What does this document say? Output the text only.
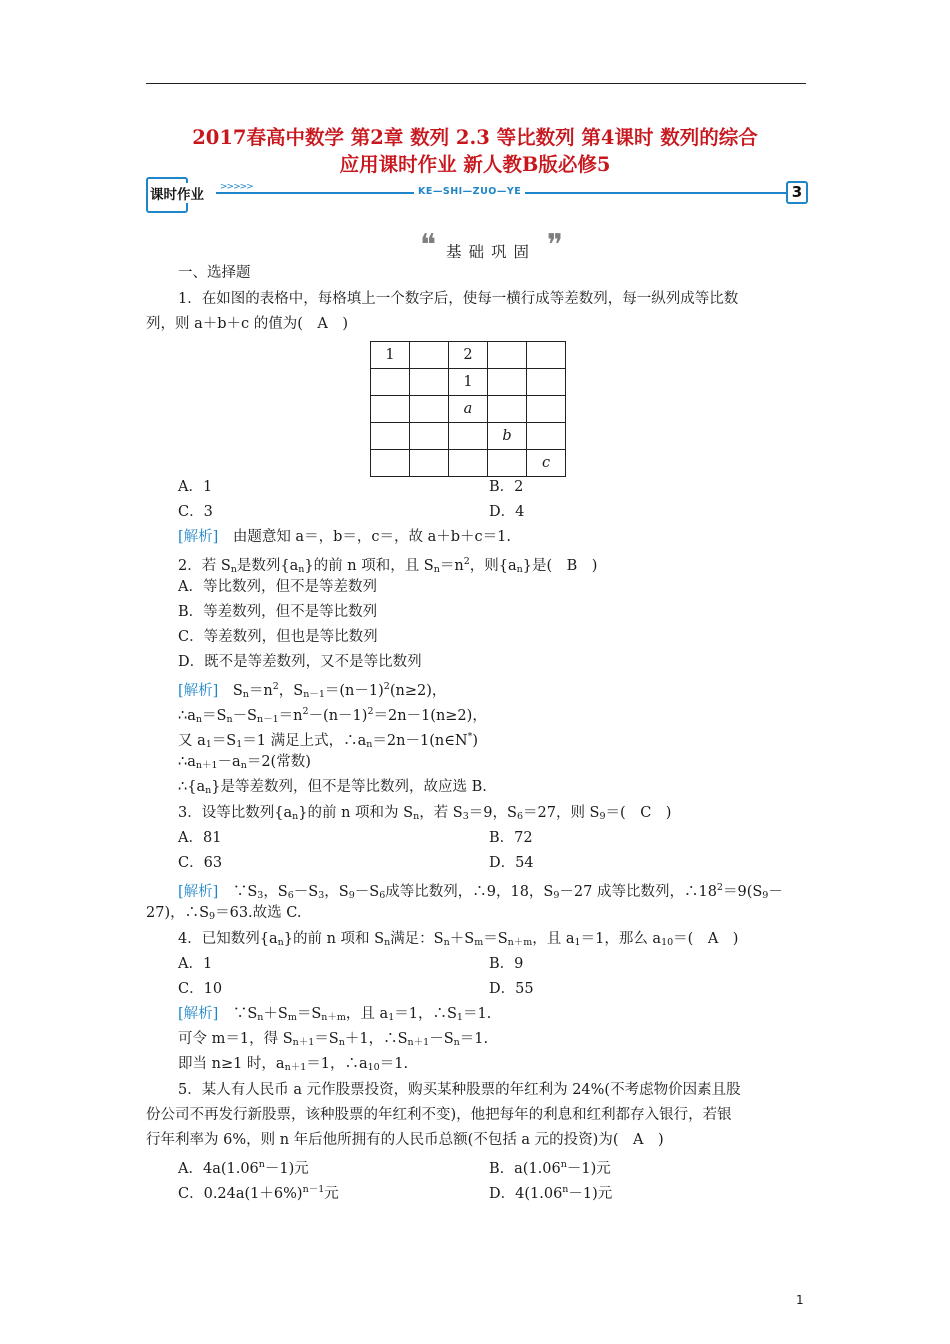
2017春高中数学 第2章 数列 2.3 等比数列 第4课时 数列的综合
应用课时作业 新人教B版必修5
课时作业 >>>>>	KE—SHI—ZUO—YE	3
❝ 基础巩固 ❞
一、选择题
1．在如图的表格中，每格填上一个数字后，使每一横行成等差数列，每一纵列成等比数
列，则 a＋b＋c 的值为(　A　)
1		2		
		1		
		a		
			b	
				c
A．1	B．2
C．3	D．4
[解析]　 由题意知 a＝，b＝，c＝，故 a＋b＋c＝1.
2．若 $S_n$是数列$\{a_n\}$的前 n 项和，且 $S_n=n^2$，则$\{a_n\}$是(　B　)
A．等比数列，但不是等差数列
B．等差数列，但不是等比数列
C．等差数列，但也是等比数列
D．既不是等差数列，又不是等比数列
[解析]　 $S_n=n^2$，$S_{n-1}=(n-1)^2(n\ge 2)$，
$\therefore a_n=S_n-S_{n-1}=n^2-(n-1)^2=2n-1(n\ge 2)$，
又 $a_1=S_1=1$ 满足上式，$\therefore a_n=2n-1(n\in N^*)$
$\therefore a_{n+1}-a_n=2$(常数)
$\therefore\{a_n\}$是等差数列，但不是等比数列，故应选 B.
3．设等比数列$\{a_n\}$的前 n 项和为 $S_n$，若 $S_3=9$，$S_6=27$，则 $S_9=$(　C　)
A．81	B．72
C．63	D．54
[解析]　 $\because S_3$，$S_6-S_3$，$S_9-S_6$成等比数列，∴9，18，$S_9-27$ 成等比数列，$\therefore 18^2=9(S_9-$
27)，$\therefore S_9=63$.故选 C.
4．已知数列$\{a_n\}$的前 n 项和 $S_n$满足：$S_n+S_m=S_{n+m}$，且 $a_1=1$，那么 $a_{10}=$(　A　)
A．1	B．9
C．10	D．55
[解析]　 $\because S_n+S_m=S_{n+m}$，且 $a_1=1$，$\therefore S_1=1$.
可令 m＝1，得 $S_{n+1}=S_n+1$，$\therefore S_{n+1}-S_n=1$.
即当 n≥1 时，$a_{n+1}=1$，$\therefore a_{10}=1$.
5．某人有人民币 a 元作股票投资，购买某种股票的年红利为 24%(不考虑物价因素且股
份公司不再发行新股票，该种股票的年红利不变)，他把每年的利息和红利都存入银行，若银
行年利率为 6%，则 n 年后他所拥有的人民币总额(不包括 a 元的投资)为(　A　)
A．$4a(1.06^n-1)$元	B．$a(1.06^n-1)$元
C．$0.24a(1+6\%)^{n-1}$元	D．$4(1.06^n-1)$元
1
